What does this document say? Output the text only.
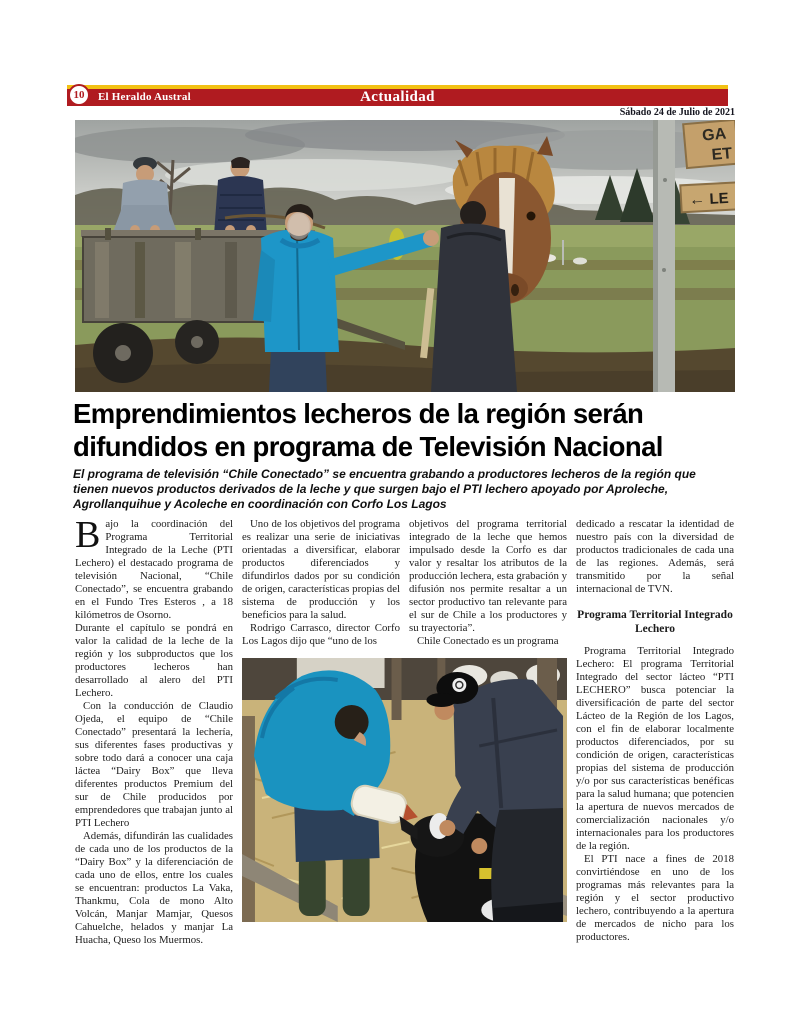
10	El Heraldo Austral	Actualidad
Sábado 24 de Julio de 2021
GA
ET
← LE
Emprendimientos lecheros de la región serán
difundidos en programa de Televisión Nacional
El programa de televisión “Chile Conectado” se encuentra grabando a productores lecheros de la región que tienen nuevos productos derivados de la leche y que surgen bajo el PTI lechero apoyado por Aproleche, Agrollanquihue y Acoleche en coordinación con Corfo Los Lagos

Bajo la coordinación del Programa Territorial Integrado de la Leche (PTI Lechero) el destacado programa de televisión Nacional, “Chile Conectado”, se encuentra grabando en el Fundo Tres Esteros , a 18 kilómetros de Osorno.

Durante el capítulo se pondrá en valor la calidad de la leche de la región y los subproductos que los productores lecheros han desarrollado al alero del PTI Lechero.

Con la conducción de Claudio Ojeda, el equipo de “Chile Conectado” presentará la lechería, sus diferentes fases productivas y sobre todo dará a conocer una caja láctea “Dairy Box” que lleva diferentes productos Premium del sur de Chile producidos por emprendedores que trabajan junto al PTI Lechero

Además, difundirán las cualidades de cada uno de los productos de la “Dairy Box” y la diferenciación de cada uno de ellos, entre los cuales se encuentran: productos La Vaka, Thankmu, Cola de mono Alto Volcán, Manjar Mamjar, Quesos Cahuelche, helados y manjar La Huacha, Queso los Muermos.

Uno de los objetivos del programa es realizar una serie de iniciativas orientadas a diversificar, elaborar productos diferenciados y difundirlos dados por su condición de origen, características propias del sistema de producción y los beneficios para la salud.

Rodrigo Carrasco, director Corfo Los Lagos dijo que “uno de los

objetivos del programa territorial integrado de la leche que hemos impulsado desde la Corfo es dar valor y resaltar los atributos de la producción lechera, esta grabación y difusión nos permite resaltar a un sector productivo tan relevante para el sur de Chile a los productores y su trayectoria”.

Chile Conectado es un programa

dedicado a rescatar la identidad de nuestro país con la diversidad de productos tradicionales de cada una de las regiones. Además, será transmitido por la señal internacional de TVN.

Programa Territorial Integrado Lechero

Programa Territorial Integrado Lechero: El programa Territorial Integrado del sector lácteo “PTI LECHERO” busca potenciar la diversificación de parte del sector Lácteo de la Región de los Lagos, con el fin de elaborar localmente productos diferenciados, por su condición de origen, características propias del sistema de producción y/o por sus características benéficas para la salud humana; que potencien la apertura de nuevos mercados de comercialización nacionales y/o internacionales para los productores de la región.

El PTI nace a fines de 2018 convirtiéndose en uno de los programas más relevantes para la región y el sector productivo lechero, contribuyendo a la apertura de mercados de nicho para los productores.
